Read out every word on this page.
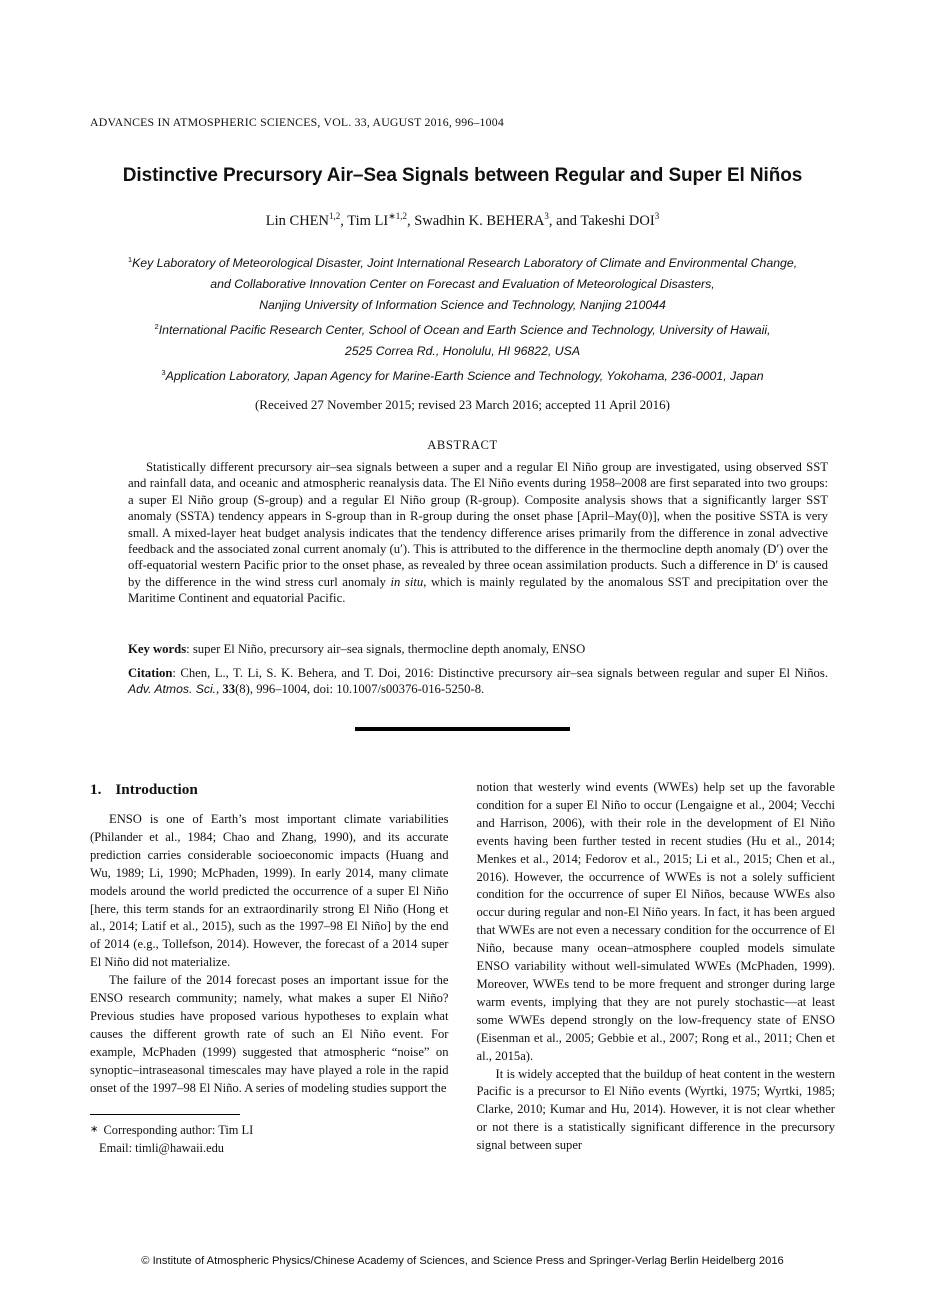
ADVANCES IN ATMOSPHERIC SCIENCES, VOL. 33, AUGUST 2016, 996–1004
Distinctive Precursory Air–Sea Signals between Regular and Super El Niños
Lin CHEN$^{1,2}$, Tim $LI^{∗1,2}$, Swadhin K. BEHERA$^3$, and Takeshi DOI$^3$
$^1$Key Laboratory of Meteorological Disaster, Joint International Research Laboratory of Climate and Environmental Change,
and Collaborative Innovation Center on Forecast and Evaluation of Meteorological Disasters,
Nanjing University of Information Science and Technology, Nanjing 210044
$^2$International Pacific Research Center, School of Ocean and Earth Science and Technology, University of Hawaii,
2525 Correa Rd., Honolulu, HI 96822, USA
$^3$Application Laboratory, Japan Agency for Marine-Earth Science and Technology, Yokohama, 236-0001, Japan
(Received 27 November 2015; revised 23 March 2016; accepted 11 April 2016)
ABSTRACT

Statistically different precursory air–sea signals between a super and a regular El Niño group are investigated, using observed SST and rainfall data, and oceanic and atmospheric reanalysis data. The El Niño events during 1958–2008 are first separated into two groups: a super El Niño group (S-group) and a regular El Niño group (R-group). Composite analysis shows that a significantly larger SST anomaly (SSTA) tendency appears in S-group than in R-group during the onset phase [April–May(0)], when the positive SSTA is very small. A mixed-layer heat budget analysis indicates that the tendency difference arises primarily from the difference in zonal advective feedback and the associated zonal current anomaly (u′). This is attributed to the difference in the thermocline depth anomaly (D′) over the off-equatorial western Pacific prior to the onset phase, as revealed by three ocean assimilation products. Such a difference in D′ is caused by the difference in the wind stress curl anomaly in situ, which is mainly regulated by the anomalous SST and precipitation over the Maritime Continent and equatorial Pacific.

Key words: super El Niño, precursory air–sea signals, thermocline depth anomaly, ENSO
Citation: Chen, L., T. Li, S. K. Behera, and T. Doi, 2016: Distinctive precursory air–sea signals between regular and super El Niños. Adv. Atmos. Sci., 33(8), 996–1004, doi: 10.1007/s00376-016-5250-8.
1. Introduction

ENSO is one of Earth’s most important climate variabilities (Philander et al., 1984; Chao and Zhang, 1990), and its accurate prediction carries considerable socioeconomic impacts (Huang and Wu, 1989; Li, 1990; McPhaden, 1999). In early 2014, many climate models around the world predicted the occurrence of a super El Niño [here, this term stands for an extraordinarily strong El Niño (Hong et al., 2014; Latif et al., 2015), such as the 1997–98 El Niño] by the end of 2014 (e.g., Tollefson, 2014). However, the forecast of a 2014 super El Niño did not materialize.

The failure of the 2014 forecast poses an important issue for the ENSO research community; namely, what makes a super El Niño? Previous studies have proposed various hypotheses to explain what causes the different growth rate of such an El Niño event. For example, McPhaden (1999) suggested that atmospheric “noise” on synoptic–intraseasonal timescales may have played a role in the rapid onset of the 1997–98 El Niño. A series of modeling studies support the

∗ Corresponding author: Tim LI
Email: timli@hawaii.edu

notion that westerly wind events (WWEs) help set up the favorable condition for a super El Niño to occur (Lengaigne et al., 2004; Vecchi and Harrison, 2006), with their role in the development of El Niño events having been further tested in recent studies (Hu et al., 2014; Menkes et al., 2014; Fedorov et al., 2015; Li et al., 2015; Chen et al., 2016). However, the occurrence of WWEs is not a solely sufficient condition for the occurrence of super El Niños, because WWEs also occur during regular and non-El Niño years. In fact, it has been argued that WWEs are not even a necessary condition for the occurrence of El Niño, because many ocean–atmosphere coupled models simulate ENSO variability without well-simulated WWEs (McPhaden, 1999). Moreover, WWEs tend to be more frequent and stronger during large warm events, implying that they are not purely stochastic—at least some WWEs depend strongly on the low-frequency state of ENSO (Eisenman et al., 2005; Gebbie et al., 2007; Rong et al., 2011; Chen et al., 2015a).

It is widely accepted that the buildup of heat content in the western Pacific is a precursor to El Niño events (Wyrtki, 1975; Wyrtki, 1985; Clarke, 2010; Kumar and Hu, 2014). However, it is not clear whether or not there is a statistically significant difference in the precursory signal between super

© Institute of Atmospheric Physics/Chinese Academy of Sciences, and Science Press and Springer-Verlag Berlin Heidelberg 2016
